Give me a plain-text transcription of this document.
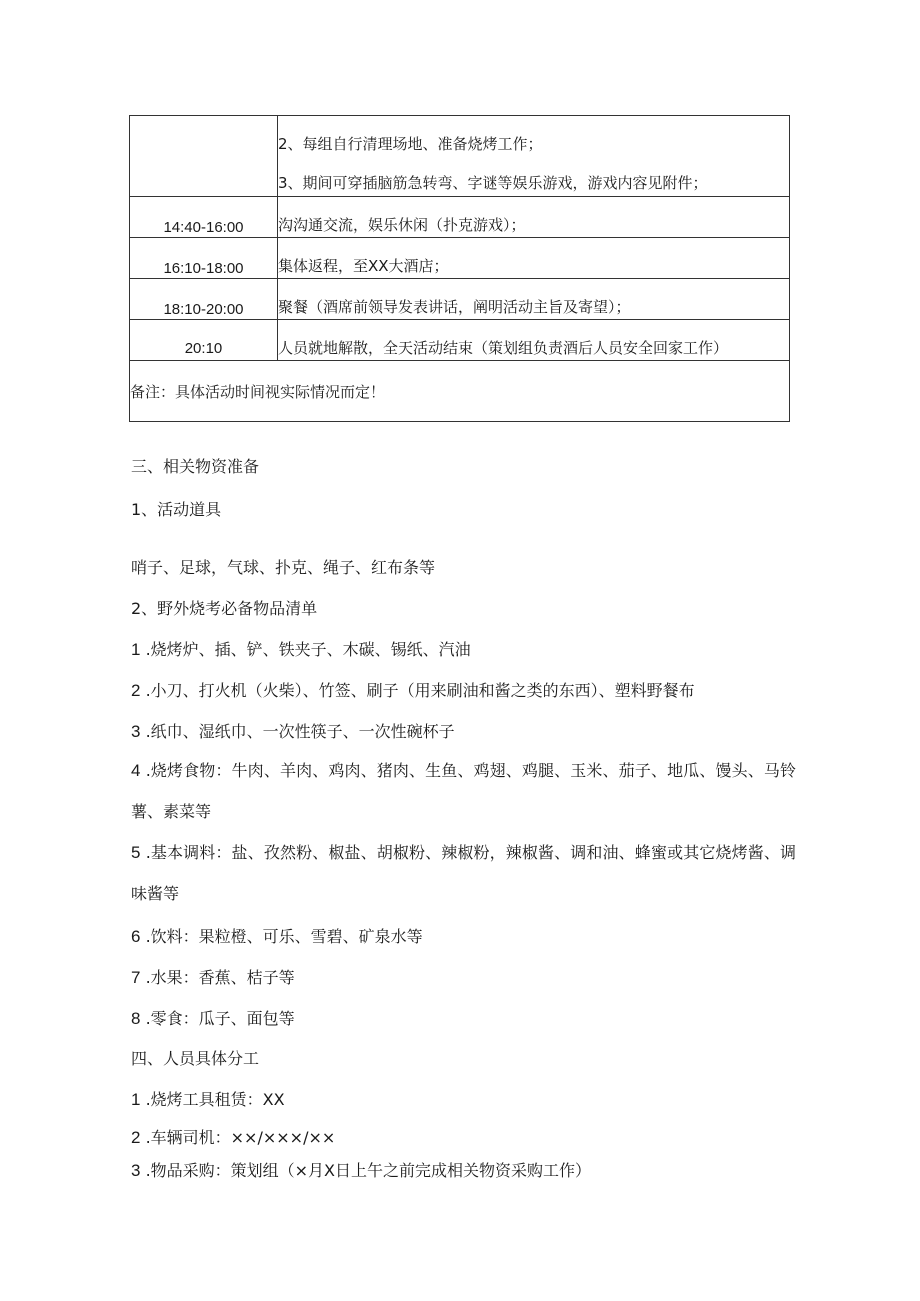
	2、每组自行清理场地、准备烧烤工作；
3、期间可穿插脑筋急转弯、字谜等娱乐游戏，游戏内容见附件；

14:40-16:00	沟沟通交流，娱乐休闲（扑克游戏）；

16:10-18:00	集体返程，至XX大酒店；

18:10-20:00	聚餐（酒席前领导发表讲话，阐明活动主旨及寄望）；

20:10	人员就地解散，全天活动结束（策划组负责酒后人员安全回家工作）

备注：具体活动时间视实际情况而定！	
三、相关物资准备
1、活动道具
哨子、足球，气球、扑克、绳子、红布条等
2、野外烧考必备物品清单
1 .烧烤炉、插、铲、铁夹子、木碳、锡纸、汽油
2 .小刀、打火机（火柴）、竹签、刷子（用来刷油和酱之类的东西）、塑料野餐布
3 .纸巾、湿纸巾、一次性筷子、一次性碗杯子
4 .烧烤食物：牛肉、羊肉、鸡肉、猪肉、生鱼、鸡翅、鸡腿、玉米、茄子、地瓜、馒头、马铃薯、素菜等
5 .基本调料：盐、孜然粉、椒盐、胡椒粉、辣椒粉，辣椒酱、调和油、蜂蜜或其它烧烤酱、调味酱等
6 .饮料：果粒橙、可乐、雪碧、矿泉水等
7 .水果：香蕉、桔子等
8 .零食：瓜子、面包等
四、人员具体分工
1 .烧烤工具租赁：XX
2 .车辆司机：××/×××/××
3 .物品采购：策划组（×月X日上午之前完成相关物资采购工作）
